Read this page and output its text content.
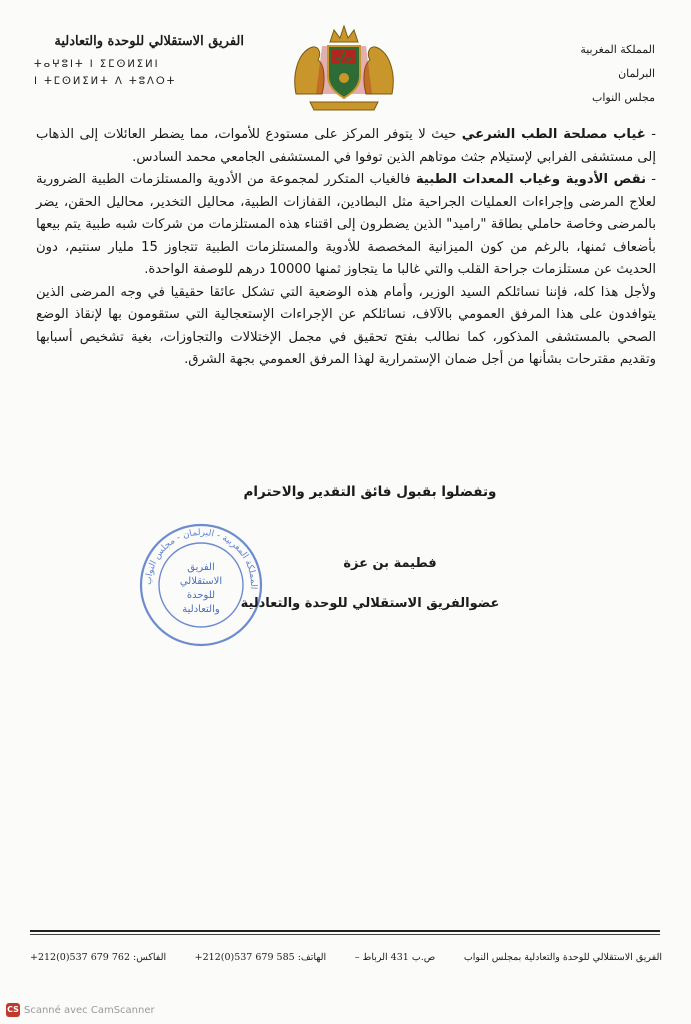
الفريق الاستقلالي للوحدة والتعادلية
ⵜⴰⵖⵓⵏⵜ ⵏ ⵉⵎⵙⵍⵉⵍⵏ
ⵏ ⵜⵎⵙⵍⵉⵍⵜ ⴷ ⵜⵓⴷⵔⵜ
المملكة المغربية
البرلمان
مجلس النواب

- غياب مصلحة الطب الشرعي حيث لا يتوفر المركز على مستودع للأموات، مما يضطر العائلات إلى الذهاب إلى مستشفى الفرابي لإستيلام جثث موتاهم الذين توفوا في المستشفى الجامعي محمد السادس.

- نقص الأدوية وغياب المعدات الطبية فالغياب المتكرر لمجموعة من الأدوية والمستلزمات الطبية الضرورية لعلاج المرضى وإجراءات العمليات الجراحية مثل البطادين، القفازات الطبية، محاليل التخدير، محاليل الحقن، يضر بالمرضى وخاصة حاملي بطاقة "راميد" الذين يضطرون إلى اقتناء هذه المستلزمات من شركات شبه طبية يتم بيعها بأضعاف ثمنها، بالرغم من كون الميزانية المخصصة للأدوية والمستلزمات الطبية تتجاوز 15 مليار سنتيم، دون الحديث عن مستلزمات جراحة القلب والتي غالبا ما يتجاوز ثمنها 10000 درهم للوصفة الواحدة.

ولأجل هذا كله، فإننا نسائلكم السيد الوزير، وأمام هذه الوضعية التي تشكل عائقا حقيقيا في وجه المرضى الذين يتوافدون على هذا المرفق العمومي بالآلاف، نسائلكم عن الإجراءات الإستعجالية التي ستقومون بها لإنقاذ الوضع الصحي بالمستشفى المذكور، كما نطالب بفتح تحقيق في مجمل الإختلالات والتجاوزات، بغية تشخيص أسبابها وتقديم مقترحات بشأنها من أجل ضمان الإستمرارية لهذا المرفق العمومي بجهة الشرق.

وتفضلوا بقبول فائق التقدير والاحترام
المملكة المغربية - البرلمان - مجلس النواب
الفريق
الاستقلالي
للوحدة
والتعادلية
فطيمة بن عزة
عضوالفريق الاستقلالي للوحدة والتعادلية
الفريق الاستقلالي للوحدة والتعادلية بمجلس النواب
ص.ب 431 الرباط –
الهاتف: +212(0)537 679 585
الفاكس: +212(0)537 679 762
CS Scanné avec CamScanner
